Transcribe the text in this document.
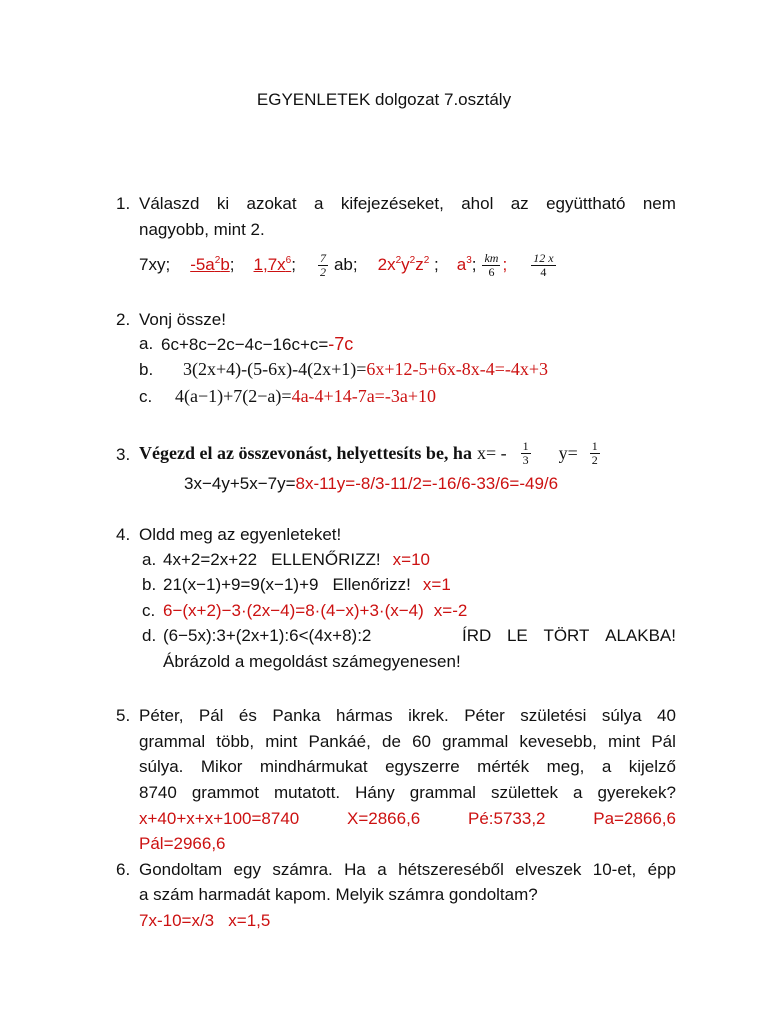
EGYENLETEK dolgozat 7.osztály
1. Válaszd ki azokat a kifejezéseket, ahol az együttható nem
nagyobb, mint 2.
7xy; $-5a^2b$; $1,7x^6$; $\frac{7}{2}$ ab; $2x^2y^2z^2$ ; $a^3$; $\frac{km}{6}$ ; $\frac{12 x}{4}$
2. Vonj össze!
a. 6c+8c−2c−4c−16c+c=-7c
b. 3(2x+4)-(5-6x)-4(2x+1)=6x+12-5+6x-8x-4=-4x+3
c. 4(a−1)+7(2−a)=4a-4+14-7a=-3a+10
3. Végezd el az összevonást, helyettesíts be, ha $x= - \frac{1}{3} y= \frac{1}{2}$
3x−4y+5x−7y=8x-11y=-8/3-11/2=-16/6-33/6=-49/6
4. Oldd meg az egyenleteket!
a. 4x+2=2x+22 ELLENŐRIZZ! x=10
b. 21(x−1)+9=9(x−1)+9 Ellenőrizz! x=1
c. 6−(x+2)−3·(2x−4)=8·(4−x)+3·(x−4) x=-2
d. (6−5x):3+(2x+1):6<(4x+8):2	ÍRD LE TÖRT ALAKBA!
Ábrázold a megoldást számegyenesen!
5. Péter, Pál és Panka hármas ikrek. Péter születési súlya 40
grammal több, mint Pankáé, de 60 grammal kevesebb, mint Pál
súlya. Mikor mindhármukat egyszerre mérték meg, a kijelző
8740 grammot mutatott. Hány grammal születtek a gyerekek?
x+40+x+x+100=8740	X=2866,6	Pé:5733,2	Pa=2866,6
Pál=2966,6
6. Gondoltam egy számra. Ha a hétszereséből elveszek 10-et, épp
a szám harmadát kapom. Melyik számra gondoltam?
7x-10=x/3   x=1,5
